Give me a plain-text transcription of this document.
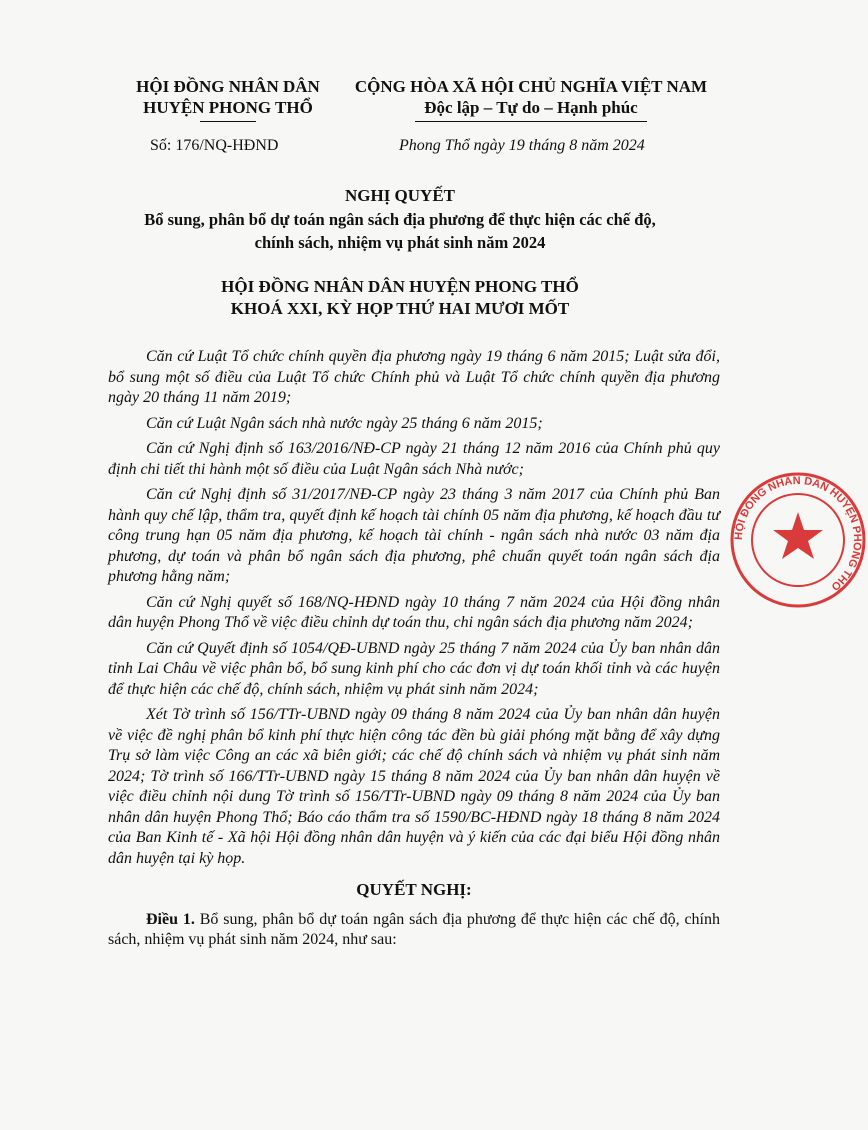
HỘI ĐỒNG NHÂN DÂN
HUYỆN PHONG THỔ
CỘNG HÒA XÃ HỘI CHỦ NGHĨA VIỆT NAM
Độc lập – Tự do – Hạnh phúc
Số: 176/NQ-HĐND	Phong Thổ ngày 19 tháng 8 năm 2024
NGHỊ QUYẾT
Bổ sung, phân bổ dự toán ngân sách địa phương để thực hiện các chế độ,
chính sách, nhiệm vụ phát sinh năm 2024
HỘI ĐỒNG NHÂN DÂN HUYỆN PHONG THỔ
KHOÁ XXI, KỲ HỌP THỨ HAI MƯƠI MỐT

Căn cứ Luật Tổ chức chính quyền địa phương ngày 19 tháng 6 năm 2015; Luật sửa đổi, bổ sung một số điều của Luật Tổ chức Chính phủ và Luật Tổ chức chính quyền địa phương ngày 20 tháng 11 năm 2019;

Căn cứ Luật Ngân sách nhà nước ngày 25 tháng 6 năm 2015;

Căn cứ Nghị định số 163/2016/NĐ-CP ngày 21 tháng 12 năm 2016 của Chính phủ quy định chi tiết thi hành một số điều của Luật Ngân sách Nhà nước;

Căn cứ Nghị định số 31/2017/NĐ-CP ngày 23 tháng 3 năm 2017 của Chính phủ Ban hành quy chế lập, thẩm tra, quyết định kế hoạch tài chính 05 năm địa phương, kế hoạch đầu tư công trung hạn 05 năm địa phương, kế hoạch tài chính - ngân sách nhà nước 03 năm địa phương, dự toán và phân bổ ngân sách địa phương, phê chuẩn quyết toán ngân sách địa phương hằng năm;

Căn cứ Nghị quyết số 168/NQ-HĐND ngày 10 tháng 7 năm 2024 của Hội đồng nhân dân huyện Phong Thổ về việc điều chỉnh dự toán thu, chi ngân sách địa phương năm 2024;

Căn cứ Quyết định số 1054/QĐ-UBND ngày 25 tháng 7 năm 2024 của Ủy ban nhân dân tỉnh Lai Châu về việc phân bổ, bổ sung kinh phí cho các đơn vị dự toán khối tỉnh và các huyện để thực hiện các chế độ, chính sách, nhiệm vụ phát sinh năm 2024;

Xét Tờ trình số 156/TTr-UBND ngày 09 tháng 8 năm 2024 của Ủy ban nhân dân huyện về việc đề nghị phân bổ kinh phí thực hiện công tác đền bù giải phóng mặt bằng để xây dựng Trụ sở làm việc Công an các xã biên giới; các chế độ chính sách và nhiệm vụ phát sinh năm 2024; Tờ trình số 166/TTr-UBND ngày 15 tháng 8 năm 2024 của Ủy ban nhân dân huyện về việc điều chỉnh nội dung Tờ trình số 156/TTr-UBND ngày 09 tháng 8 năm 2024 của Ủy ban nhân dân huyện Phong Thổ; Báo cáo thẩm tra số 1590/BC-HĐND ngày 18 tháng 8 năm 2024 của Ban Kinh tế - Xã hội Hội đồng nhân dân huyện và ý kiến của các đại biểu Hội đồng nhân dân huyện tại kỳ họp.

QUYẾT NGHỊ:

Điều 1. Bổ sung, phân bổ dự toán ngân sách địa phương để thực hiện các chế độ, chính sách, nhiệm vụ phát sinh năm 2024, như sau:

HỘI ĐỒNG NHÂN DÂN HUYỆN PHONG THỔ
